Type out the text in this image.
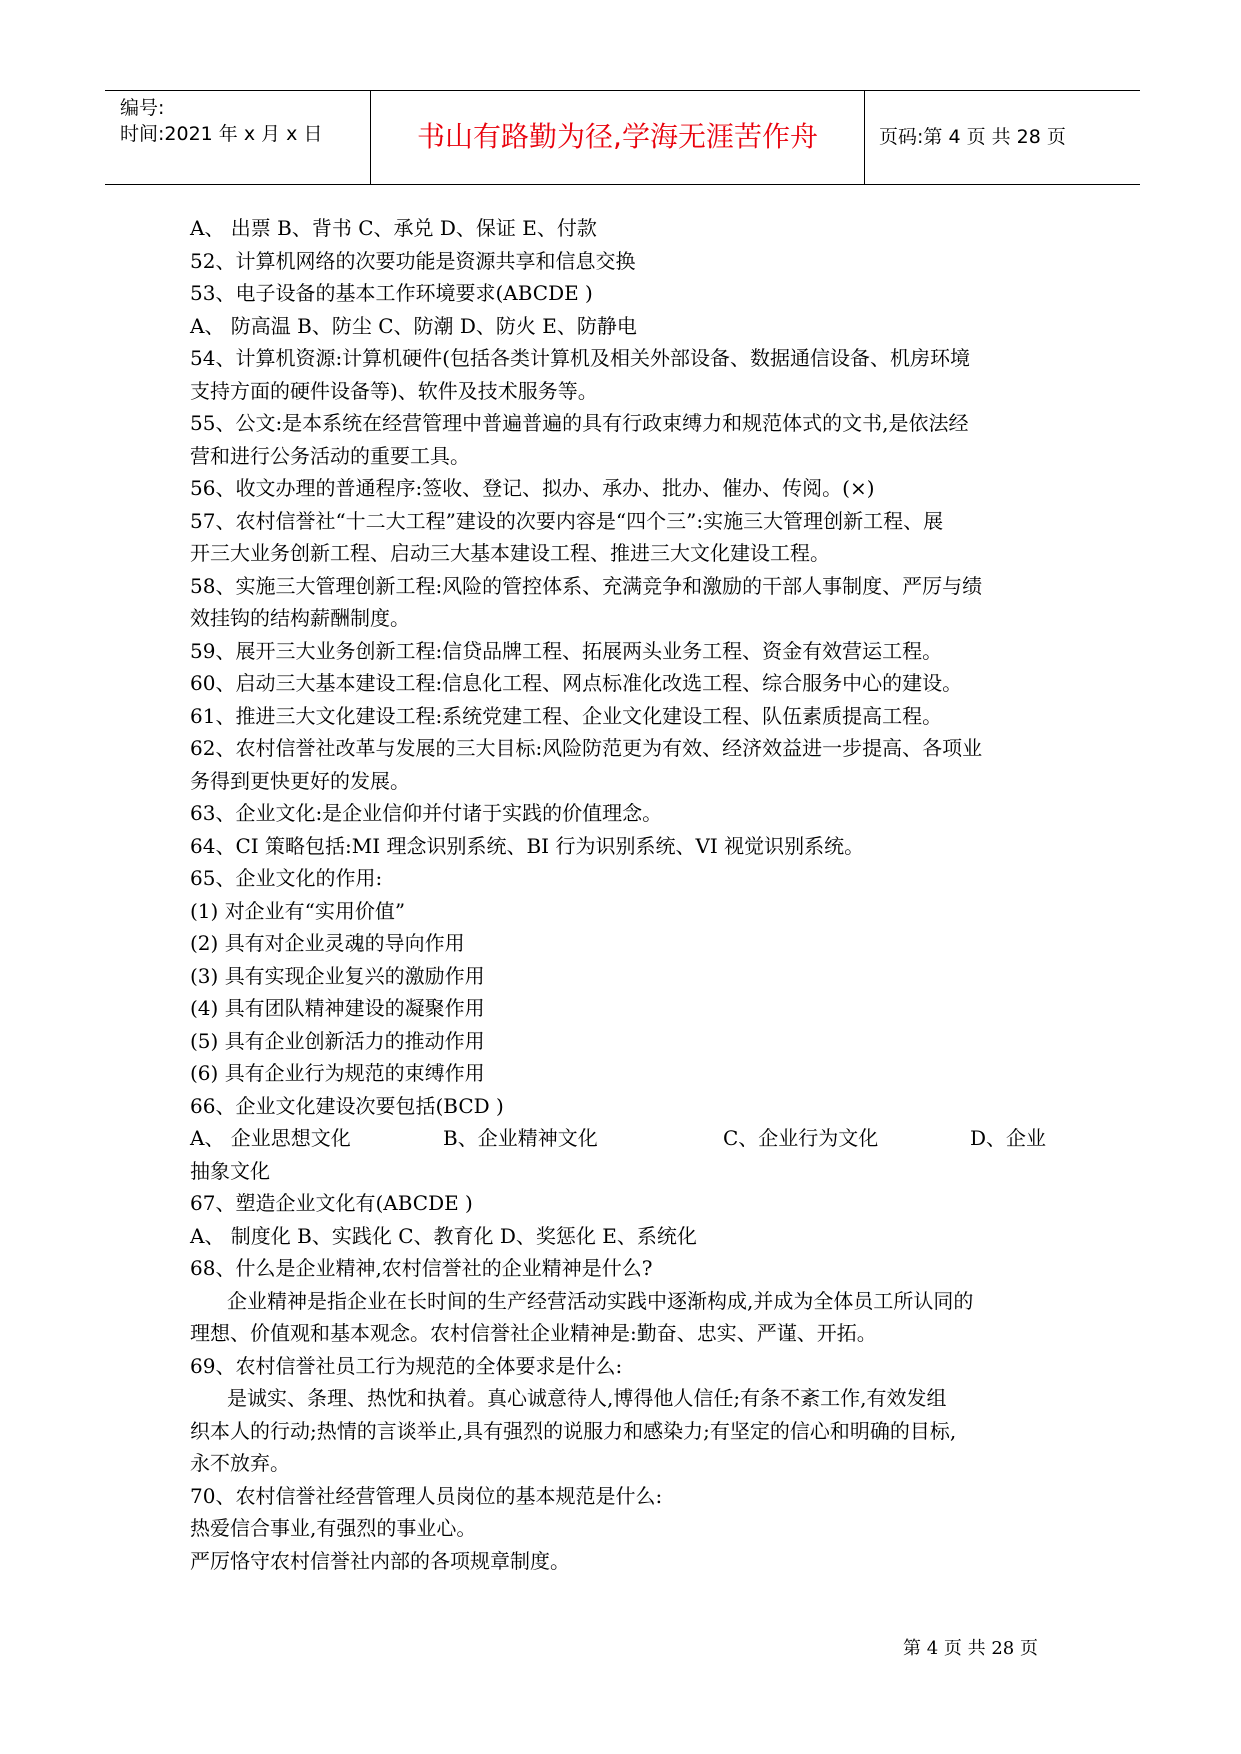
编号:
时间:2021 年 x 月 x 日	书山有路勤为径,学海无涯苦作舟	页码:第 4 页 共 28 页
A、 出票 B、背书 C、承兑 D、保证 E、付款
52、计算机网络的次要功能是资源共享和信息交换
53、电子设备的基本工作环境要求(ABCDE )
A、 防高温 B、防尘 C、防潮 D、防火 E、防静电
54、计算机资源:计算机硬件(包括各类计算机及相关外部设备、数据通信设备、机房环境
支持方面的硬件设备等)、软件及技术服务等。
55、公文:是本系统在经营管理中普遍普遍的具有行政束缚力和规范体式的文书,是依法经
营和进行公务活动的重要工具。
56、收文办理的普通程序:签收、登记、拟办、承办、批办、催办、传阅。(×)
57、农村信誉社“十二大工程”建设的次要内容是“四个三”:实施三大管理创新工程、展
开三大业务创新工程、启动三大基本建设工程、推进三大文化建设工程。
58、实施三大管理创新工程:风险的管控体系、充满竞争和激励的干部人事制度、严厉与绩
效挂钩的结构薪酬制度。
59、展开三大业务创新工程:信贷品牌工程、拓展两头业务工程、资金有效营运工程。
60、启动三大基本建设工程:信息化工程、网点标准化改选工程、综合服务中心的建设。
61、推进三大文化建设工程:系统党建工程、企业文化建设工程、队伍素质提高工程。
62、农村信誉社改革与发展的三大目标:风险防范更为有效、经济效益进一步提高、各项业
务得到更快更好的发展。
63、企业文化:是企业信仰并付诸于实践的价值理念。
64、CI 策略包括:MI 理念识别系统、BI 行为识别系统、VI 视觉识别系统。
65、企业文化的作用:
(1) 对企业有“实用价值”
(2) 具有对企业灵魂的导向作用
(3) 具有实现企业复兴的激励作用
(4) 具有团队精神建设的凝聚作用
(5) 具有企业创新活力的推动作用
(6) 具有企业行为规范的束缚作用
66、企业文化建设次要包括(BCD )
A、 企业思想文化	B、企业精神文化	C、企业行为文化	D、企业
抽象文化
67、塑造企业文化有(ABCDE )
A、 制度化 B、实践化 C、教育化 D、奖惩化 E、系统化
68、什么是企业精神,农村信誉社的企业精神是什么?
企业精神是指企业在长时间的生产经营活动实践中逐渐构成,并成为全体员工所认同的
理想、价值观和基本观念。农村信誉社企业精神是:勤奋、忠实、严谨、开拓。
69、农村信誉社员工行为规范的全体要求是什么:
是诚实、条理、热忱和执着。真心诚意待人,博得他人信任;有条不紊工作,有效发组
织本人的行动;热情的言谈举止,具有强烈的说服力和感染力;有坚定的信心和明确的目标,
永不放弃。
70、农村信誉社经营管理人员岗位的基本规范是什么:
热爱信合事业,有强烈的事业心。
严厉恪守农村信誉社内部的各项规章制度。
第 4 页 共 28 页
